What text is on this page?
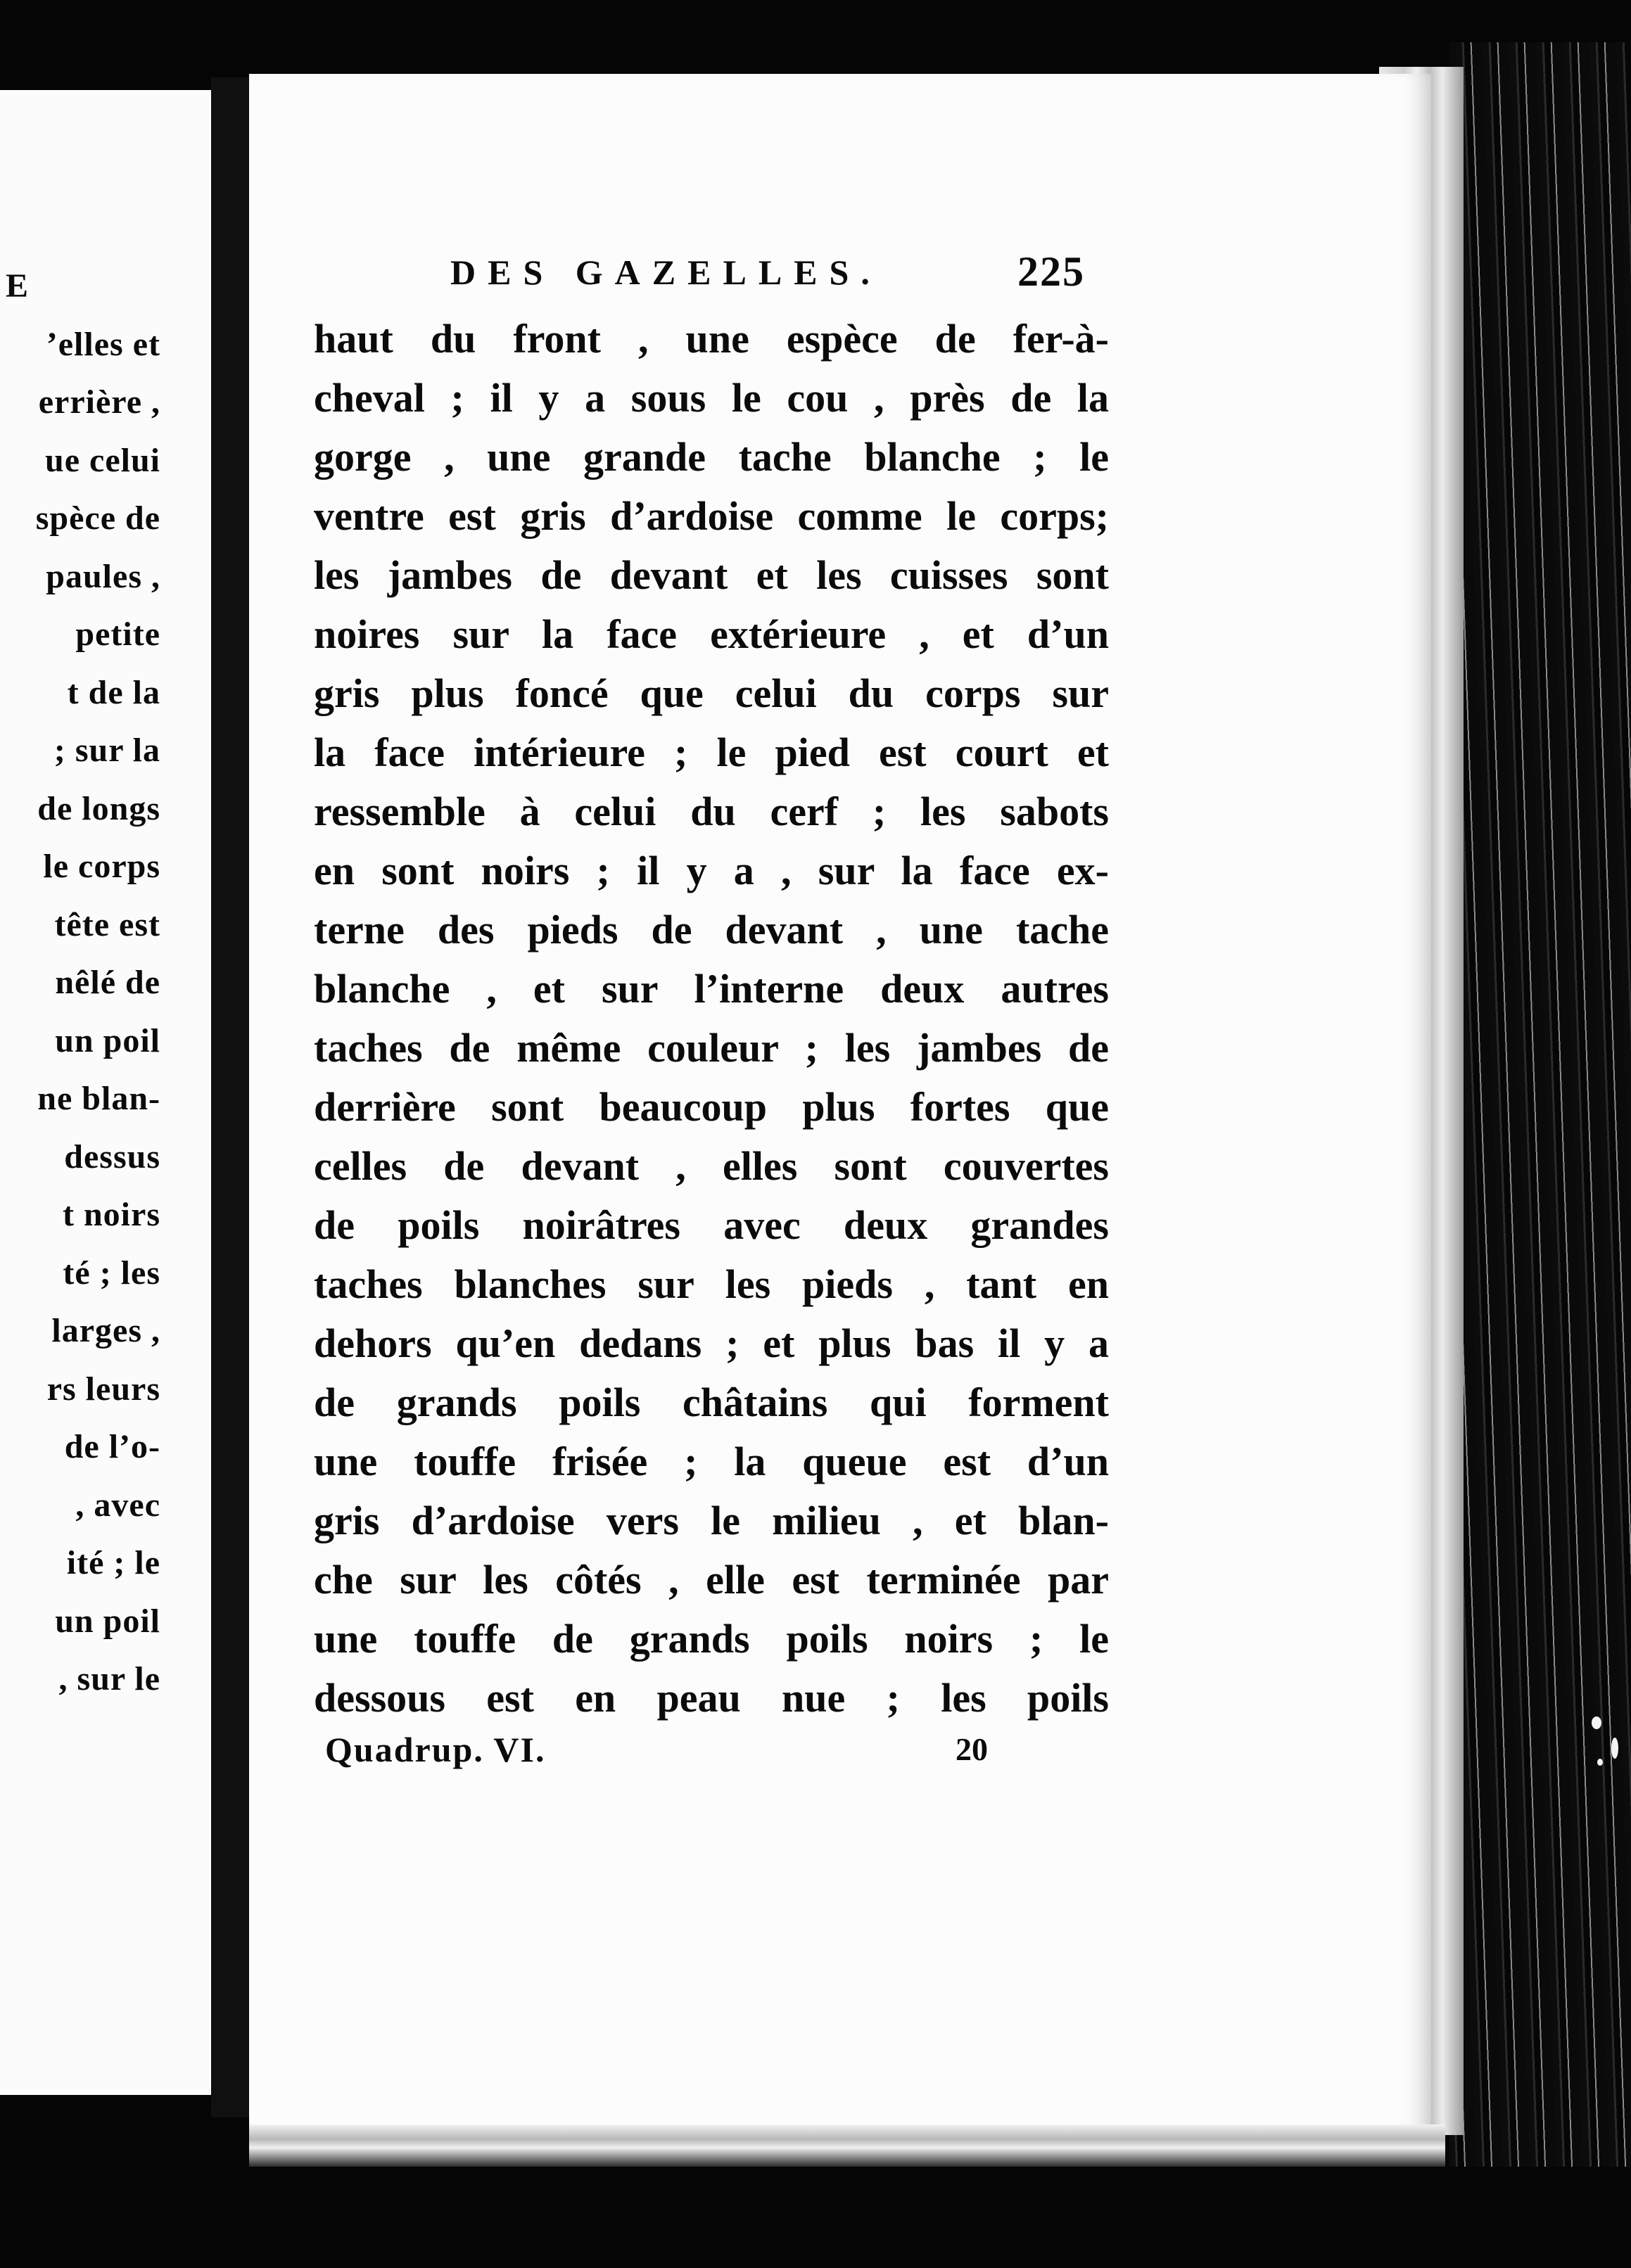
E
’elles et
errière ,
ue celui
spèce de
paules ,
petite
t de la
; sur la
de longs
le corps
tête est
nêlé de
un poil
ne blan-
dessus
t noirs
té ; les
larges ,
rs leurs
de l’o-
, avec
ité ; le
un poil
, sur le
DES GAZELLES.	225
haut du front , une espèce de fer-à-
cheval ; il y a sous le cou , près de la
gorge , une grande tache blanche ; le
ventre est gris d’ardoise comme le corps;
les jambes de devant et les cuisses sont
noires sur la face extérieure , et d’un
gris plus foncé que celui du corps sur
la face intérieure ; le pied est court et
ressemble à celui du cerf ; les sabots
en sont noirs ; il y a , sur la face ex-
terne des pieds de devant , une tache
blanche , et sur l’interne deux autres
taches de même couleur ; les jambes de
derrière sont beaucoup plus fortes que
celles de devant , elles sont couvertes
de poils noirâtres avec deux grandes
taches blanches sur les pieds , tant en
dehors qu’en dedans ; et plus bas il y a
de grands poils châtains qui forment
une touffe frisée ; la queue est d’un
gris d’ardoise vers le milieu , et blan-
che sur les côtés , elle est terminée par
une touffe de grands poils noirs ; le
dessous est en peau nue ; les poils
Quadrup. VI.	20
